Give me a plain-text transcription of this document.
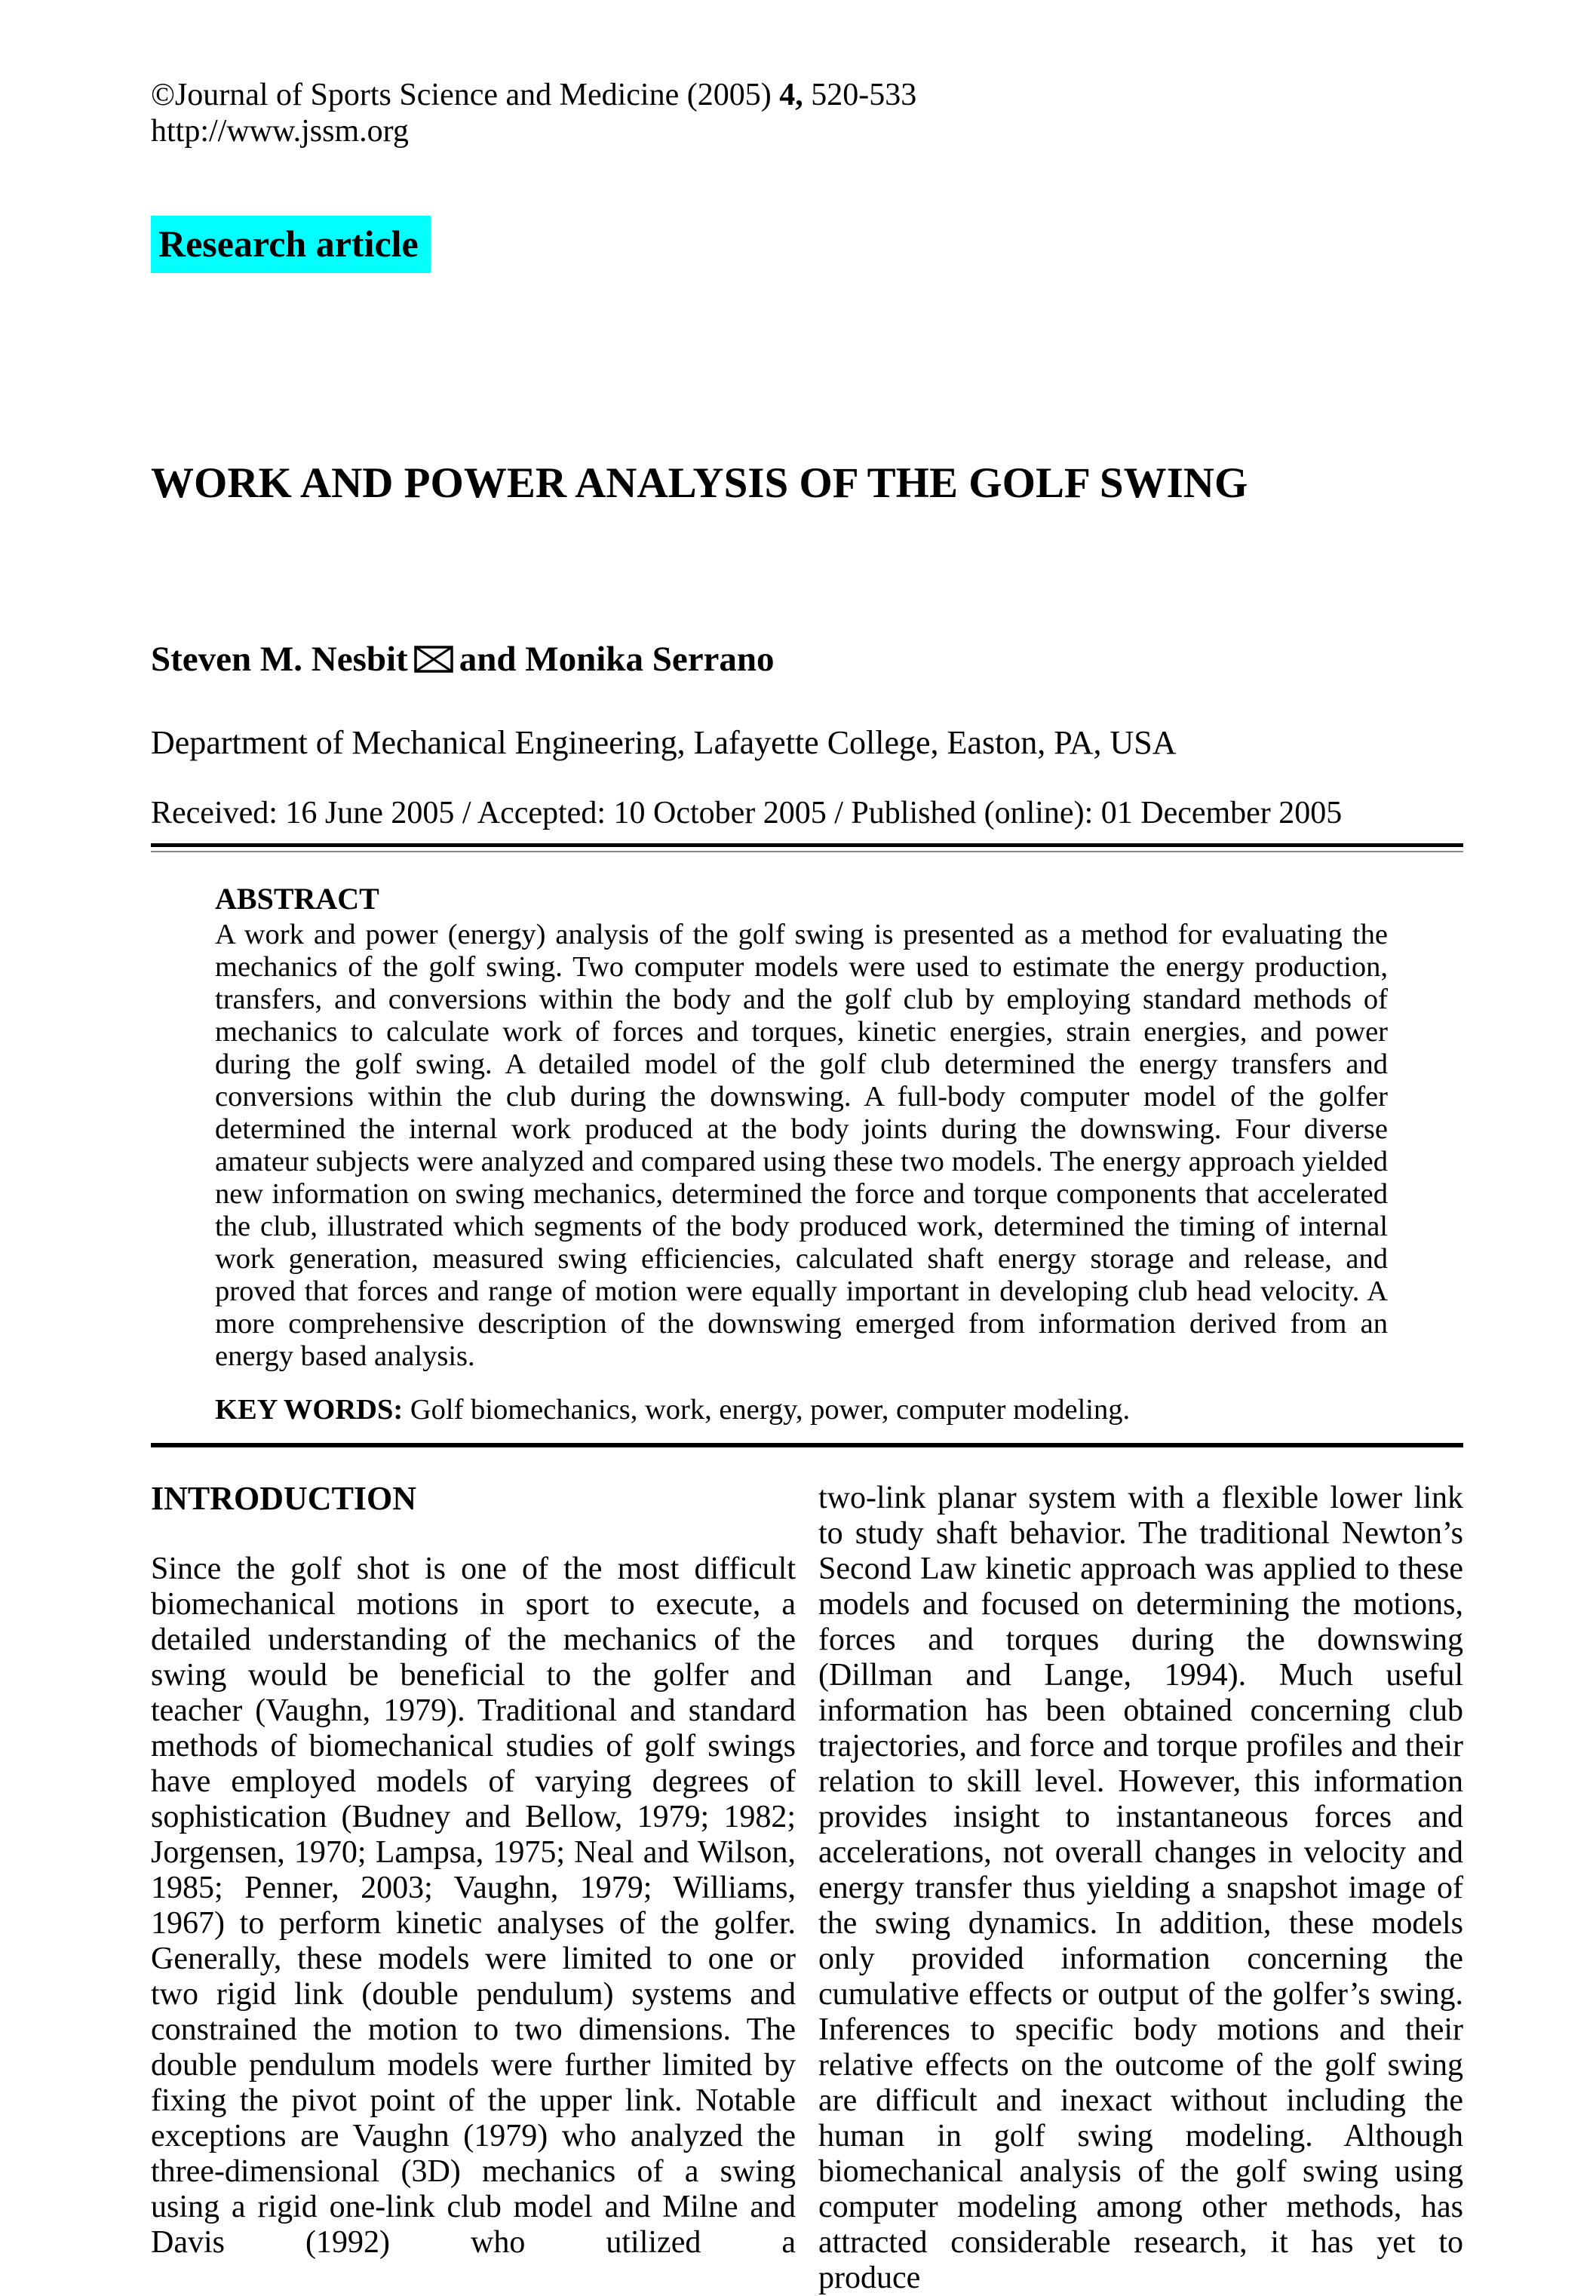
©Journal of Sports Science and Medicine (2005) 4, 520-533
http://www.jssm.org
Research article
WORK AND POWER ANALYSIS OF THE GOLF SWING
Steven M. Nesbit and Monika Serrano
Department of Mechanical Engineering, Lafayette College, Easton, PA, USA
Received: 16 June 2005 / Accepted: 10 October 2005 / Published (online): 01 December 2005
ABSTRACT

A work and power (energy) analysis of the golf swing is presented as a method for evaluating the mechanics of the golf swing. Two computer models were used to estimate the energy production, transfers, and conversions within the body and the golf club by employing standard methods of mechanics to calculate work of forces and torques, kinetic energies, strain energies, and power during the golf swing. A detailed model of the golf club determined the energy transfers and conversions within the club during the downswing. A full-body computer model of the golfer determined the internal work produced at the body joints during the downswing. Four diverse amateur subjects were analyzed and compared using these two models. The energy approach yielded new information on swing mechanics, determined the force and torque components that accelerated the club, illustrated which segments of the body produced work, determined the timing of internal work generation, measured swing efficiencies, calculated shaft energy storage and release, and proved that forces and range of motion were equally important in developing club head velocity. A more comprehensive description of the downswing emerged from information derived from an energy based analysis.

KEY WORDS: Golf biomechanics, work, energy, power, computer modeling.
INTRODUCTION

Since the golf shot is one of the most difficult biomechanical motions in sport to execute, a detailed understanding of the mechanics of the swing would be beneficial to the golfer and teacher (Vaughn, 1979). Traditional and standard methods of biomechanical studies of golf swings have employed models of varying degrees of sophistication (Budney and Bellow, 1979; 1982; Jorgensen, 1970; Lampsa, 1975; Neal and Wilson, 1985; Penner, 2003; Vaughn, 1979; Williams, 1967) to perform kinetic analyses of the golfer. Generally, these models were limited to one or two rigid link (double pendulum) systems and constrained the motion to two dimensions. The double pendulum models were further limited by fixing the pivot point of the upper link. Notable exceptions are Vaughn (1979) who analyzed the three-dimensional (3D) mechanics of a swing using a rigid one-link club model and Milne and Davis (1992) who utilized a

two-link planar system with a flexible lower link to study shaft behavior. The traditional Newton’s Second Law kinetic approach was applied to these models and focused on determining the motions, forces and torques during the downswing (Dillman and Lange, 1994). Much useful information has been obtained concerning club trajectories, and force and torque profiles and their relation to skill level. However, this information provides insight to instantaneous forces and accelerations, not overall changes in velocity and energy transfer thus yielding a snapshot image of the swing dynamics. In addition, these models only provided information concerning the cumulative effects or output of the golfer’s swing. Inferences to specific body motions and their relative effects on the outcome of the golf swing are difficult and inexact without including the human in golf swing modeling. Although biomechanical analysis of the golf swing using computer modeling among other methods, has attracted considerable research, it has yet to produce
